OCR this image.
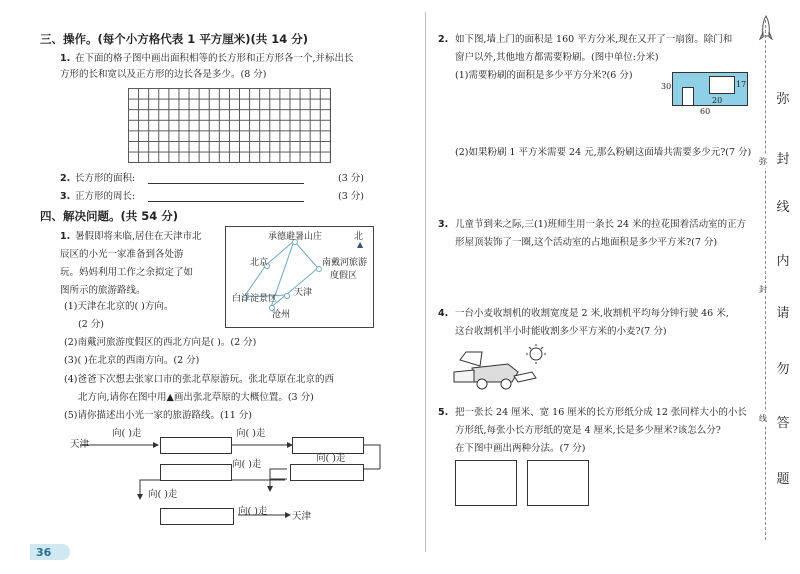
三、操作。(每个小方格代表 1 平方厘米)(共 14 分)
1. 在下面的格子图中画出面积相等的长方形和正方形各一个,并标出长
方形的长和宽以及正方形的边长各是多少。(8 分)
2. 长方形的面积:	(3 分)
3. 正方形的周长:	(3 分)
四、解决问题。(共 54 分)
1. 暑假即将来临,居住在天津市北
辰区的小光一家准备到各处游
玩。妈妈利用工作之余拟定了如
图所示的旅游路线。
承德避暑山庄	北
▲
北京	南戴河旅游
度假区
白洋淀景区
天津
沧州
(1)天津在北京的( )方向。
(2 分)
(2)南戴河旅游度假区的西北方向是( )。(2 分)
(3)( )在北京的西南方向。(2 分)
(4)爸爸下次想去张家口市的张北草原游玩。张北草原在北京的西
北方向,请你在图中用▲画出张北草原的大概位置。(3 分)
(5)请你描述出小光一家的旅游路线。(11 分)
天津
向( )走	向( )走
向( )走
向( )走
向( )走
向( )走	天津
36
2. 如下图,墙上门的面积是 160 平方分米,现在又开了一扇窗。除门和
窗户以外,其他地方都需要粉刷。(图中单位:分米)
(1)需要粉刷的面积是多少平方分米?(6 分)
30
60
20
17
(2)如果粉刷 1 平方米需要 24 元,那么粉刷这面墙共需要多少元?(7 分)
3. 儿童节到来之际,三(1)班师生用一条长 24 米的拉花围着活动室的正方
形屋顶装饰了一圈,这个活动室的占地面积是多少平方米?(7 分)
4. 一台小麦收割机的收割宽度是 2 米,收割机平均每分钟行驶 46 米,
这台收割机半小时能收割多少平方米的小麦?(7 分)
5. 把一张长 24 厘米、宽 16 厘米的长方形纸分成 12 张同样大小的小长
方形纸,每张小长方形纸的宽是 4 厘米,长是多少厘米?该怎么分?
在下图中画出两种分法。(7 分)
弥
封
线
内
请
勿
答
题
弥
封
线
